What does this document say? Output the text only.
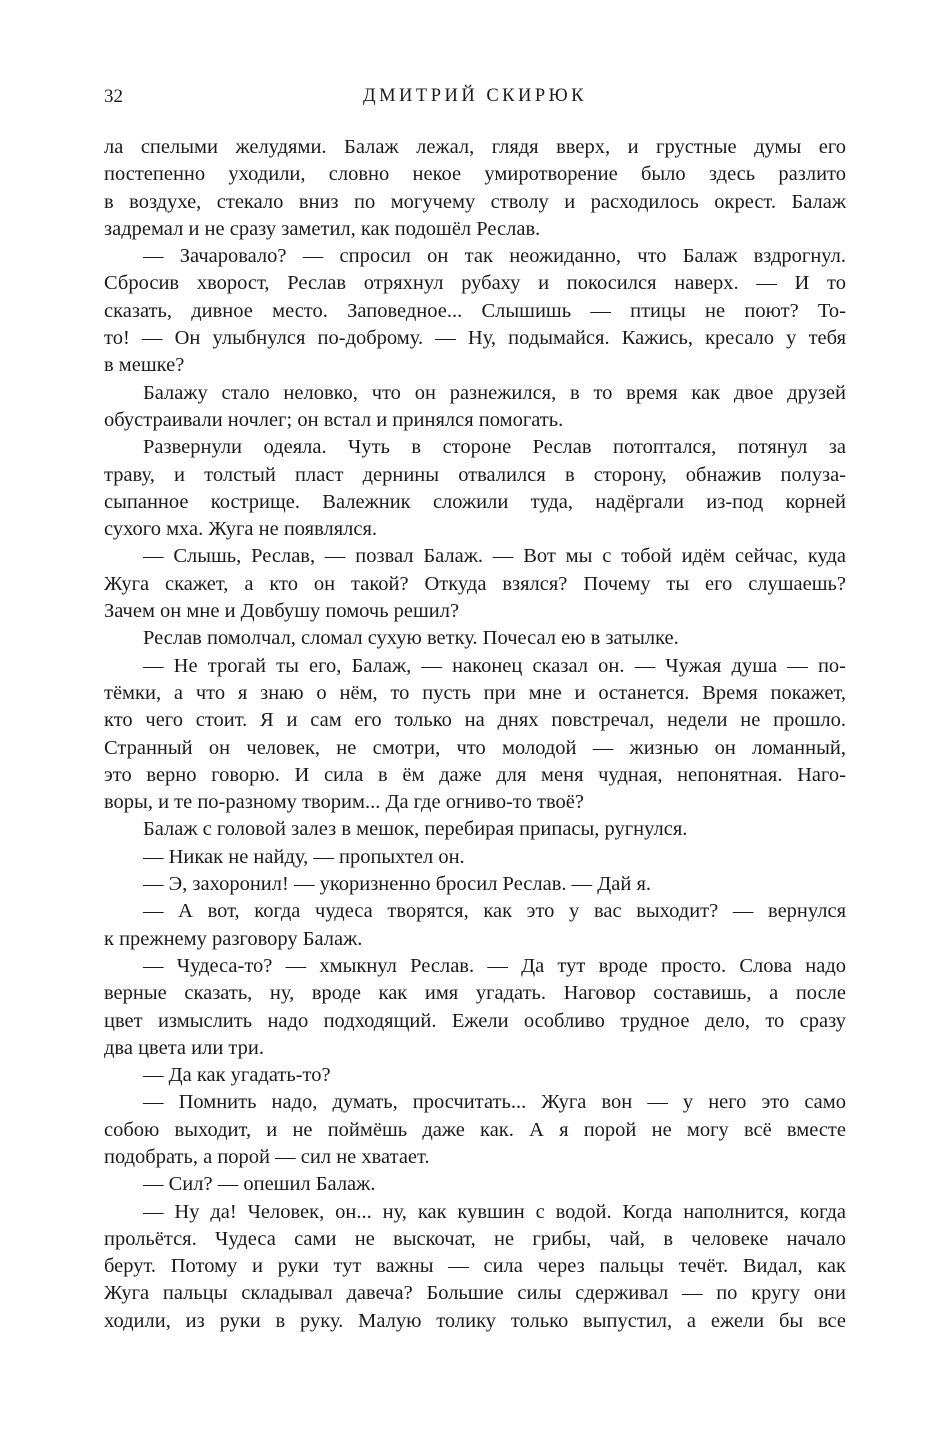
32	ДМИТРИЙ СКИРЮК
ла спелыми желудями. Балаж лежал, глядя вверх, и грустные думы его
постепенно уходили, словно некое умиротворение было здесь разлито
в воздухе, стекало вниз по могучему стволу и расходилось окрест. Балаж
задремал и не сразу заметил, как подошёл Реслав.
— Зачаровало? — спросил он так неожиданно, что Балаж вздрогнул.
Сбросив хворост, Реслав отряхнул рубаху и покосился наверх. — И то
сказать, дивное место. Заповедное... Слышишь — птицы не поют? То-
то! — Он улыбнулся по-доброму. — Ну, подымайся. Кажись, кресало у тебя
в мешке?
Балажу стало неловко, что он разнежился, в то время как двое друзей
обустраивали ночлег; он встал и принялся помогать.
Развернули одеяла. Чуть в стороне Реслав потоптался, потянул за
траву, и толстый пласт дернины отвалился в сторону, обнажив полуза-
сыпанное кострище. Валежник сложили туда, надёргали из-под корней
сухого мха. Жуга не появлялся.
— Слышь, Реслав, — позвал Балаж. — Вот мы с тобой идём сейчас, куда
Жуга скажет, а кто он такой? Откуда взялся? Почему ты его слушаешь?
Зачем он мне и Довбушу помочь решил?
Реслав помолчал, сломал сухую ветку. Почесал ею в затылке.
— Не трогай ты его, Балаж, — наконец сказал он. — Чужая душа — по-
тёмки, а что я знаю о нём, то пусть при мне и останется. Время покажет,
кто чего стоит. Я и сам его только на днях повстречал, недели не прошло.
Странный он человек, не смотри, что молодой — жизнью он ломанный,
это верно говорю. И сила в ём даже для меня чудная, непонятная. Наго-
воры, и те по-разному творим... Да где огниво-то твоё?
Балаж с головой залез в мешок, перебирая припасы, ругнулся.
— Никак не найду, — пропыхтел он.
— Э, захоронил! — укоризненно бросил Реслав. — Дай я.
— А вот, когда чудеса творятся, как это у вас выходит? — вернулся
к прежнему разговору Балаж.
— Чудеса-то? — хмыкнул Реслав. — Да тут вроде просто. Слова надо
верные сказать, ну, вроде как имя угадать. Наговор составишь, а после
цвет измыслить надо подходящий. Ежели особливо трудное дело, то сразу
два цвета или три.
— Да как угадать-то?
— Помнить надо, думать, просчитать... Жуга вон — у него это само
собою выходит, и не поймёшь даже как. А я порой не могу всё вместе
подобрать, а порой — сил не хватает.
— Сил? — опешил Балаж.
— Ну да! Человек, он... ну, как кувшин с водой. Когда наполнится, когда
прольётся. Чудеса сами не выскочат, не грибы, чай, в человеке начало
берут. Потому и руки тут важны — сила через пальцы течёт. Видал, как
Жуга пальцы складывал давеча? Большие силы сдерживал — по кругу они
ходили, из руки в руку. Малую толику только выпустил, а ежели бы все
